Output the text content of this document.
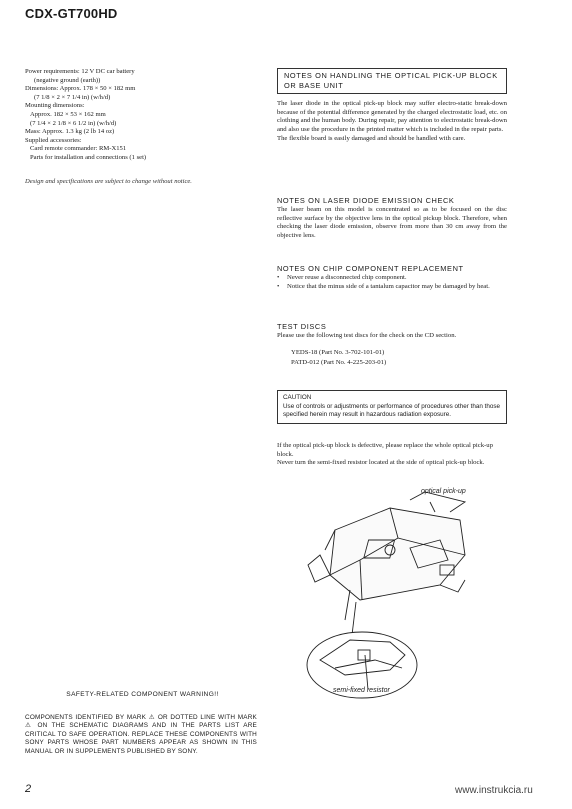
CDX-GT700HD
Power requirements: 12 V DC car battery
(negative ground (earth))
Dimensions: Approx. 178 × 50 × 182 mm
(7 1/8 × 2 × 7 1/4 in) (w/h/d)
Mounting dimensions:
Approx. 182 × 53 × 162 mm
(7 1/4 × 2 1/8 × 6 1/2 in) (w/h/d)
Mass: Approx. 1.3 kg (2 lb 14 oz)
Supplied accessories:
Card remote commander: RM-X151
Parts for installation and connections (1 set)
Design and specifications are subject to change without notice.
NOTES ON HANDLING THE OPTICAL PICK-UP BLOCK OR BASE UNIT
The laser diode in the optical pick-up block may suffer electro-static break-down because of the potential difference generated by the charged electrostatic load, etc. on clothing and the human body. During repair, pay attention to electrostatic break-down and also use the procedure in the printed matter which is included in the repair parts.
The flexible board is easily damaged and should be handled with care.
NOTES ON LASER DIODE EMISSION CHECK
The laser beam on this model is concentrated so as to be focused on the disc reflective surface by the objective lens in the optical pickup block. Therefore, when checking the laser diode emission, observe from more than 30 cm away from the objective lens.
NOTES ON CHIP COMPONENT REPLACEMENT
•	Never reuse a disconnected chip component.
•	Notice that the minus side of a tantalum capacitor may be damaged by heat.
TEST DISCS
Please use the following test discs for the check on the CD section.
YEDS-18 (Part No. 3-702-101-01)
PATD-012 (Part No. 4-225-203-01)
CAUTION
Use of controls or adjustments or performance of procedures other than those specified herein may result in hazardous radiation exposure.
If the optical pick-up block is defective, please replace the whole optical pick-up block.
Never turn the semi-fixed resistor located at the side of optical pick-up block.
optical pick-up
semi-fixed resistor
SAFETY-RELATED COMPONENT WARNING!!
COMPONENTS IDENTIFIED BY MARK ⚠ OR DOTTED LINE WITH MARK ⚠ ON THE SCHEMATIC DIAGRAMS AND IN THE PARTS LIST ARE CRITICAL TO SAFE OPERATION. REPLACE THESE COMPONENTS WITH SONY PARTS WHOSE PART NUMBERS APPEAR AS SHOWN IN THIS MANUAL OR IN SUPPLEMENTS PUBLISHED BY SONY.
2	www.instrukcia.ru
